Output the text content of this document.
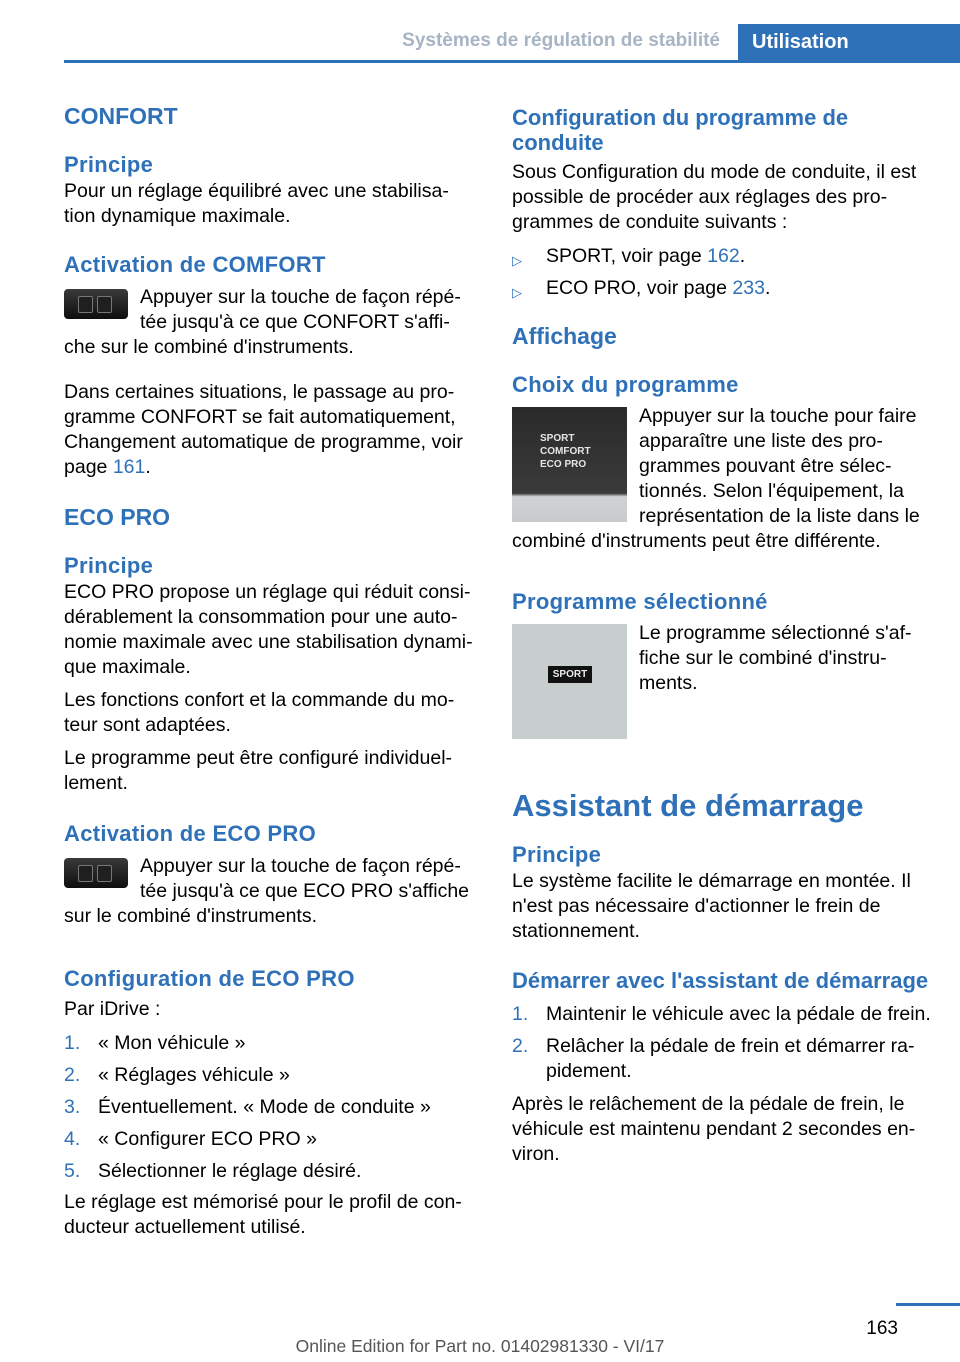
Systèmes de régulation de stabilité	Utilisation
CONFORT
Principe

Pour un réglage équilibré avec une stabilisa-tion dynamique maximale.

Activation de COMFORT

Appuyer sur la touche de façon répé-tée jusqu'à ce que CONFORT s'affi-che sur le combiné d'instruments.

Dans certaines situations, le passage au pro-gramme CONFORT se fait automatiquement, Changement automatique de programme, voir page 161.

ECO PRO
Principe

ECO PRO propose un réglage qui réduit consi-dérablement la consommation pour une auto-nomie maximale avec une stabilisation dynami-que maximale.

Les fonctions confort et la commande du mo-teur sont adaptées.

Le programme peut être configuré individuel-lement.

Activation de ECO PRO

Appuyer sur la touche de façon répé-tée jusqu'à ce que ECO PRO s'affiche sur le combiné d'instruments.

Configuration de ECO PRO

Par iDrive :

1. « Mon véhicule »
2. « Réglages véhicule »
3. Éventuellement. « Mode de conduite »
4. « Configurer ECO PRO »
5. Sélectionner le réglage désiré.

Le réglage est mémorisé pour le profil de con-ducteur actuellement utilisé.

Configuration du programme de conduite

Sous Configuration du mode de conduite, il est possible de procéder aux réglages des pro-grammes de conduite suivants :

▷ SPORT, voir page 162.
▷ ECO PRO, voir page 233.
Affichage
Choix du programme
SPORT
COMFORT
ECO PRO

Appuyer sur la touche pour faire apparaître une liste des pro-grammes pouvant être sélec-tionnés. Selon l'équipement, la représentation de la liste dans le combiné d'instruments peut être différente.

Programme sélectionné
SPORT

Le programme sélectionné s'af-fiche sur le combiné d'instru-ments.

Assistant de démarrage
Principe

Le système facilite le démarrage en montée. Il n'est pas nécessaire d'actionner le frein de stationnement.

Démarrer avec l'assistant de démarrage
1. Maintenir le véhicule avec la pédale de frein.
2. Relâcher la pédale de frein et démarrer ra-pidement.

Après le relâchement de la pédale de frein, le véhicule est maintenu pendant 2 secondes en-viron.

163
Online Edition for Part no. 01402981330 - VI/17
